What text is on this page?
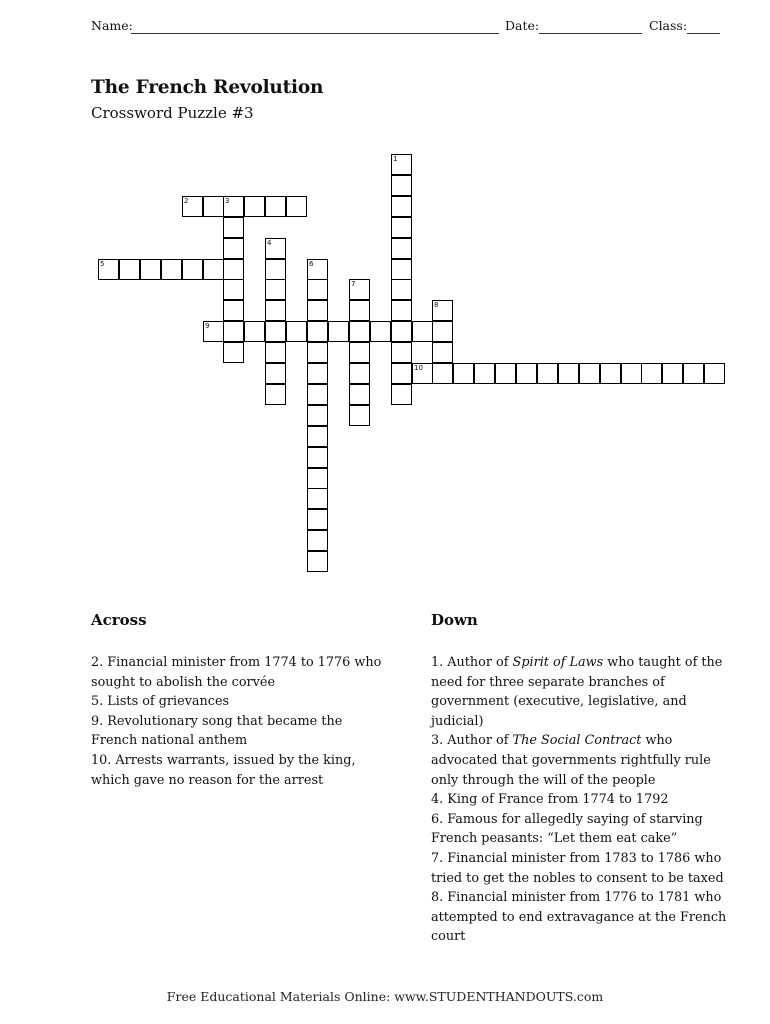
Name:	Date:	Class:
The French Revolution
Crossword Puzzle #3
2	3
5
9
10
1
4
6
7
8
Across	Down

2. Financial minister from 1774 to 1776 who sought to abolish the corvée

5. Lists of grievances

9. Revolutionary song that became the French national anthem

10. Arrests warrants, issued by the king, which gave no reason for the arrest

1. Author of Spirit of Laws who taught of the need for three separate branches of government (executive, legislative, and judicial)

3. Author of The Social Contract who advocated that governments rightfully rule only through the will of the people

4. King of France from 1774 to 1792

6. Famous for allegedly saying of starving French peasants: “Let them eat cake”

7. Financial minister from 1783 to 1786 who tried to get the nobles to consent to be taxed

8. Financial minister from 1776 to 1781 who attempted to end extravagance at the French court

Free Educational Materials Online: www.STUDENTHANDOUTS.com
